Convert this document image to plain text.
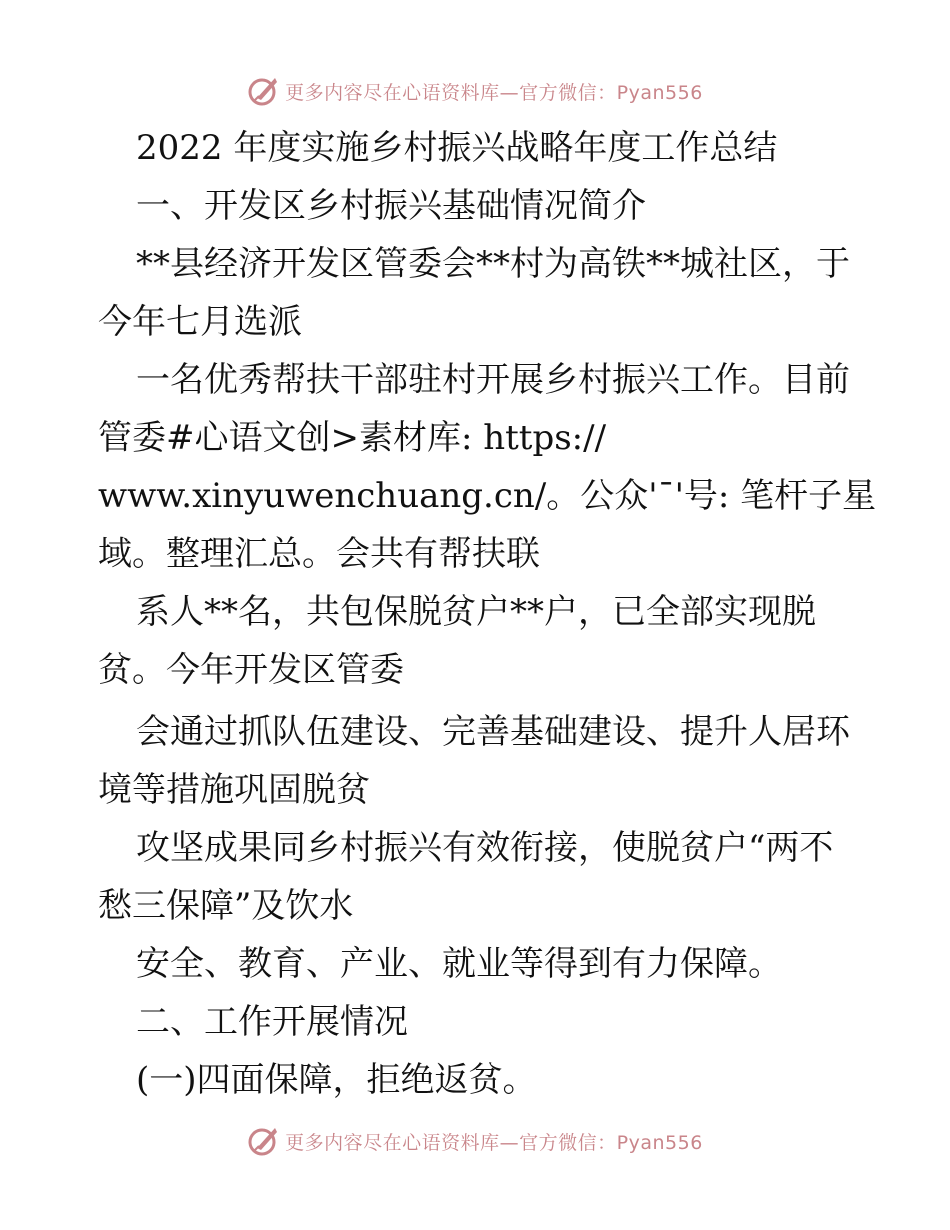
更多内容尽在心语资料库—官方微信：Pyan556
2022 年度实施乡村振兴战略年度工作总结
一、开发区乡村振兴基础情况简介
**县经济开发区管委会**村为高铁**城社区，于
今年七月选派
一名优秀帮扶干部驻村开展乡村振兴工作。目前
管委#心语文创>素材库: https://
www.xinyuwenchuang.cn/。公众'¯'号: 笔杆子星
域。整理汇总。会共有帮扶联
系人**名，共包保脱贫户**户，已全部实现脱
贫。今年开发区管委
会通过抓队伍建设、完善基础建设、提升人居环
境等措施巩固脱贫
攻坚成果同乡村振兴有效衔接，使脱贫户“两不
愁三保障”及饮水
安全、教育、产业、就业等得到有力保障。
二、工作开展情况
(一)四面保障，拒绝返贫。
更多内容尽在心语资料库—官方微信：Pyan556
